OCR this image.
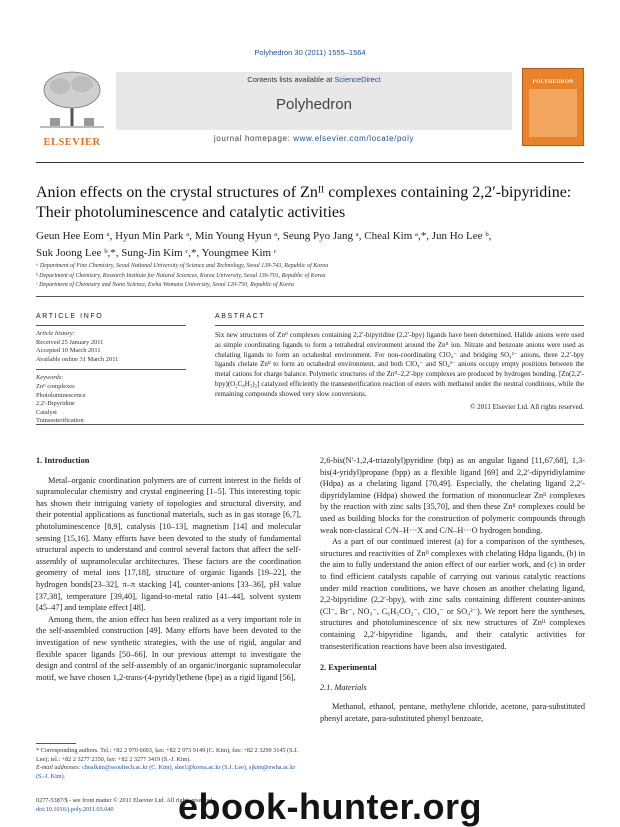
Polyhedron 30 (2011) 1555–1564
ELSEVIER
Contents lists available at ScienceDirect
Polyhedron
journal homepage: www.elsevier.com/locate/poly
POLYHEDRON
Anion effects on the crystal structures of Znᴵᴵ complexes containing 2,2′-bipyridine:
Their photoluminescence and catalytic activities
Geun Hee Eom ᵃ, Hyun Min Park ᵃ, Min Young Hyun ᵃ, Seung Pyo Jang ᵃ, Cheal Kim ᵃ,*, Jun Ho Lee ᵇ,
Suk Joong Lee ᵇ,*, Sung-Jin Kim ᶜ,*, Youngmee Kim ᶜ
ᵃ Department of Fine Chemistry, Seoul National University of Science and Technology, Seoul 139-743, Republic of Korea
ᵇ Department of Chemistry, Research Institute for Natural Sciences, Korea University, Seoul 136-701, Republic of Korea
ᶜ Department of Chemistry and Nano Science, Ewha Womans University, Seoul 120-750, Republic of Korea
ARTICLE INFO	ABSTRACT
Article history:
Received 25 January 2011
Accepted 10 March 2011
Available online 31 March 2011
Keywords:
Znᴵᴵ complexes
Photoluminescence
2,2′-Bipyridine
Catalyst
Transesterification
Six new structures of Znᴵᴵ complexes containing 2,2′-bipyridine (2,2′-bpy) ligands have been determined. Halide anions were used as simple coordinating ligands to form a tetrahedral environment around the Znᴵᴵ ion. Nitrate and benzoate anions were used as chelating ligands to form an octahedral environment. For non-coordinating ClO₄⁻ and bridging SO₄²⁻ anions, three 2,2′-bpy ligands chelate Znᴵᴵ to form an octahedral environment, and both ClO₄⁻ and SO₄²⁻ anions occupy empty positions between the metal cations for charge balance. Polymeric structures of the Znᴵᴵ–2,2′-bpy complexes are produced by hydrogen bonding. [Zn(2,2′-bpy)(O₂C₆H₅)₂] catalyzed efficiently the transesterification reaction of esters with methanol under the neutral conditions, while the remaining compounds showed very slow conversions.
© 2011 Elsevier Ltd. All rights reserved.
1. Introduction

Metal–organic coordination polymers are of current interest in the fields of supramolecular chemistry and crystal engineering [1–5]. This interesting topic has shown their intriguing variety of topologies and structural diversity, and their potential applications as functional materials, such as in gas storage [6,7], photoluminescence [8,9], catalysis [10–13], magnetism [14] and molecular sensing [15,16]. Many efforts have been devoted to the study of fundamental structural aspects to understand and control several factors that affect the self-assembly of supramolecular architectures. These factors are the coordination geometry of metal ions [17,18], structure of organic ligands [19–22], the hydrogen bonds[23–32], π–π stacking [4], counter-anions [33–36], pH value [37,38], temperature [39,40], ligand-to-metal ratio [41–44], solvent system [45–47] and template effect [48].

Among them, the anion effect has been realized as a very important role in the self-assembled construction [49]. Many efforts have been devoted to the investigation of new synthetic strategies, with the use of rigid, angular and flexible spacer ligands [50–66]. In our previous attempt to investigate the design and control of the self-assembly of an organic/inorganic supramolecular motif, we have chosen 1,2-trans-(4-pyridyl)ethene (bpe) as a rigid ligand [56],

2,6-bis(N′-1,2,4-triazolyl)pyridine (btp) as an angular ligand [11,67,68], 1,3-bis(4-yridyl)propane (bpp) as a flexible ligand [69] and 2,2′-dipyridiylamine (Hdpa) as a chelating ligand [70,49]. Especially, the chelating ligand 2,2′-dipyridylamine (Hdpa) showed the formation of mononuclear Znᴵᴵ complexes by the reaction with zinc salts [35,70], and then these Znᴵᴵ complexes could be used as building blocks for the construction of polymeric compounds through weak non-classical C/N–H···X and C/N–H···O hydrogen bonding.

As a part of our continued interest (a) for a comparison of the syntheses, structures and reactivities of Znᴵᴵ complexes with chelating Hdpa ligands, (b) in the aim to fully understand the anion effect of our earlier work, and (c) in order to find efficient catalysts capable of carrying out various catalytic reactions under mild reaction conditions, we have chosen an another chelating ligand, 2,2-bipyridine (2,2′-bpy), with zinc salts containing different counter-anions (Cl⁻, Br⁻, NO₃⁻, C₆H₅CO₂⁻, ClO₄⁻ or SO₄²⁻). We report here the syntheses, structures and photoluminescence of six new structures of Znᴵᴵ complexes containing 2,2′-bipyridine ligands, and their catalytic activities for transesterification reactions have been also investigated.

2. Experimental
2.1. Materials

Methanol, ethanol, pentane, methylene chloride, acetone, para-substituted phenyl acetate, para-substituted phenyl benzoate,

* Corresponding authors. Tel.: +82 2 970 6693, fax: +82 2 973 9149 (C. Kim), fax: +82 2 3290 3145 (S.J. Lee); tel.: +82 2 3277 2350, fax: +82 2 3277 3419 (S.-J. Kim).
E-mail addresses: chealkim@seoultech.ac.kr (C. Kim), slee1@korea.ac.kr (S.J. Lee), sjkim@ewha.ac.kr (S.-J. Kim).
0277-5387/$ - see front matter © 2011 Elsevier Ltd. All rights reserved.
doi:10.1016/j.poly.2011.03.040	ebook-hunter.org
